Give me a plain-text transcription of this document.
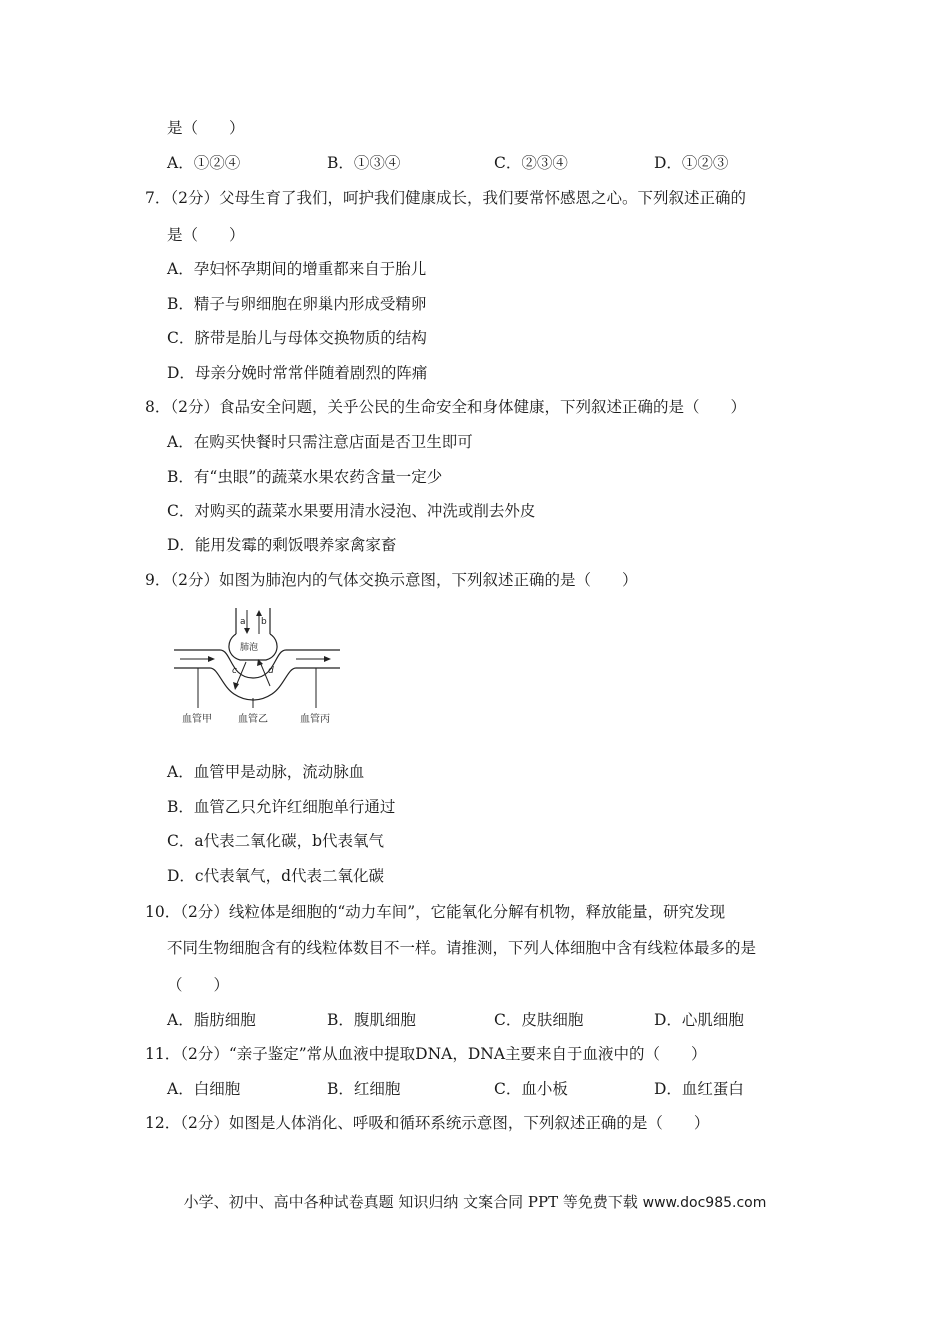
是（　　）
A．①②④	B．①③④	C．②③④	D．①②③
7．（2分）父母生育了我们，呵护我们健康成长，我们要常怀感恩之心。下列叙述正确的
是（　　）
A．孕妇怀孕期间的增重都来自于胎儿
B．精子与卵细胞在卵巢内形成受精卵
C．脐带是胎儿与母体交换物质的结构
D．母亲分娩时常常伴随着剧烈的阵痛
8．（2分）食品安全问题，关乎公民的生命安全和身体健康，下列叙述正确的是（　　）
A．在购买快餐时只需注意店面是否卫生即可
B．有“虫眼”的蔬菜水果农药含量一定少
C．对购买的蔬菜水果要用清水浸泡、冲洗或削去外皮
D．能用发霉的剩饭喂养家禽家畜
9．（2分）如图为肺泡内的气体交换示意图，下列叙述正确的是（　　）
a b
肺泡
c	d
血管甲	血管乙	血管丙
A．血管甲是动脉，流动脉血
B．血管乙只允许红细胞单行通过
C．a代表二氧化碳，b代表氧气
D．c代表氧气，d代表二氧化碳
10．（2分）线粒体是细胞的“动力车间”，它能氧化分解有机物，释放能量，研究发现
不同生物细胞含有的线粒体数目不一样。请推测，下列人体细胞中含有线粒体最多的是
（　　）
A．脂肪细胞	B．腹肌细胞	C．皮肤细胞	D．心肌细胞
11．（2分）“亲子鉴定”常从血液中提取DNA，DNA主要来自于血液中的（　　）
A．白细胞	B．红细胞	C．血小板	D．血红蛋白
12．（2分）如图是人体消化、呼吸和循环系统示意图，下列叙述正确的是（　　）
小学、初中、高中各种试卷真题 知识归纳 文案合同 PPT 等免费下载 www.doc985.com
